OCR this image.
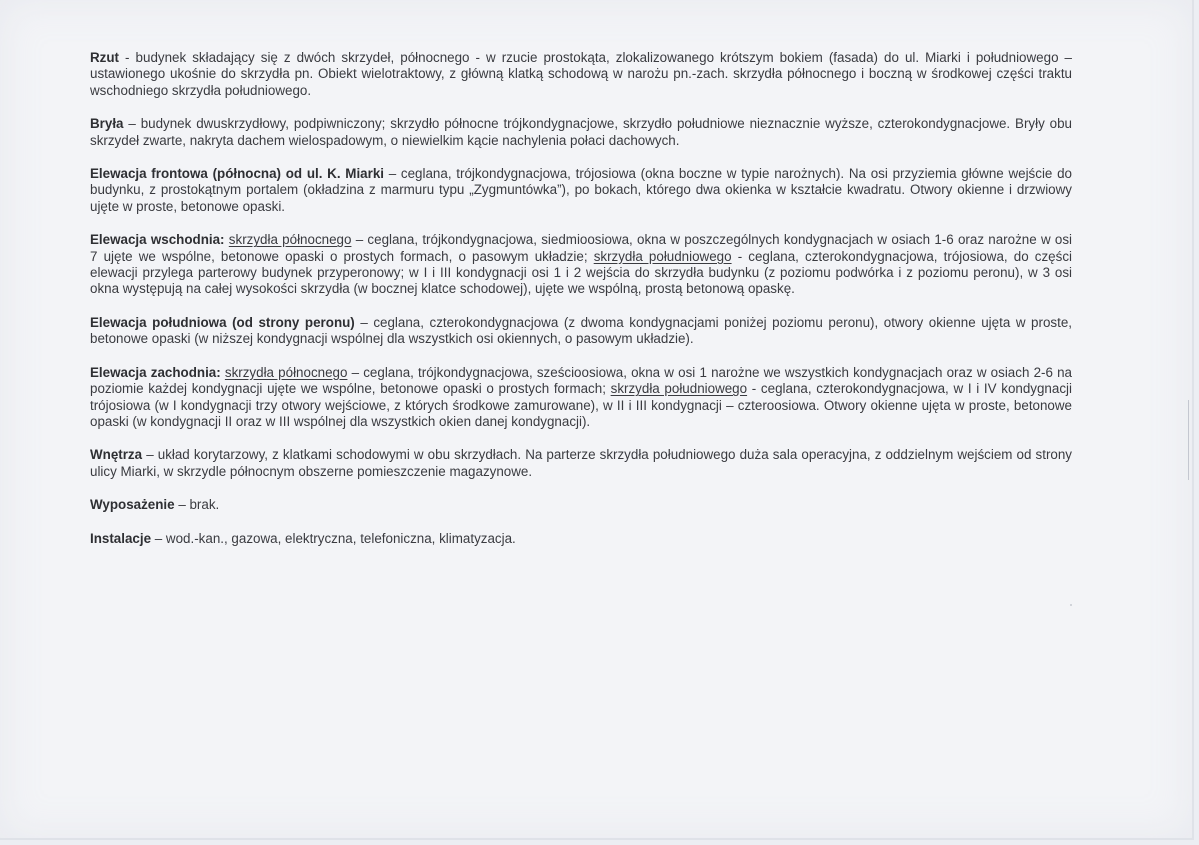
Rzut - budynek składający się z dwóch skrzydeł, północnego - w rzucie prostokąta, zlokalizowanego krótszym bokiem (fasada) do ul. Miarki i południowego – ustawionego ukośnie do skrzydła pn. Obiekt wielotraktowy, z główną klatką schodową w narożu pn.-zach. skrzydła północnego i boczną w środkowej części traktu wschodniego skrzydła południowego.

Bryła – budynek dwuskrzydłowy, podpiwniczony; skrzydło północne trójkondygnacjowe, skrzydło południowe nieznacznie wyższe, czterokondygnacjowe. Bryły obu skrzydeł zwarte, nakryta dachem wielospadowym, o niewielkim kącie nachylenia połaci dachowych.

Elewacja frontowa (północna) od ul. K. Miarki – ceglana, trójkondygnacjowa, trójosiowa (okna boczne w typie narożnych). Na osi przyziemia główne wejście do budynku, z prostokątnym portalem (okładzina z marmuru typu „Zygmuntówka”), po bokach, którego dwa okienka w kształcie kwadratu. Otwory okienne i drzwiowy ujęte w proste, betonowe opaski.

Elewacja wschodnia: skrzydła północnego – ceglana, trójkondygnacjowa, siedmioosiowa, okna w poszczególnych kondygnacjach w osiach 1-6 oraz narożne w osi 7 ujęte we wspólne, betonowe opaski o prostych formach, o pasowym układzie; skrzydła południowego - ceglana, czterokondygnacjowa, trójosiowa, do części elewacji przylega parterowy budynek przyperonowy; w I i III kondygnacji osi 1 i 2 wejścia do skrzydła budynku (z poziomu podwórka i z poziomu peronu), w 3 osi okna występują na całej wysokości skrzydła (w bocznej klatce schodowej), ujęte we wspólną, prostą betonową opaskę.

Elewacja południowa (od strony peronu) – ceglana, czterokondygnacjowa (z dwoma kondygnacjami poniżej poziomu peronu), otwory okienne ujęta w proste, betonowe opaski (w niższej kondygnacji wspólnej dla wszystkich osi okiennych, o pasowym układzie).

Elewacja zachodnia: skrzydła północnego – ceglana, trójkondygnacjowa, sześcioosiowa, okna w osi 1 narożne we wszystkich kondygnacjach oraz w osiach 2-6 na poziomie każdej kondygnacji ujęte we wspólne, betonowe opaski o prostych formach; skrzydła południowego - ceglana, czterokondygnacjowa, w I i IV kondygnacji trójosiowa (w I kondygnacji trzy otwory wejściowe, z których środkowe zamurowane), w II i III kondygnacji – czteroosiowa. Otwory okienne ujęta w proste, betonowe opaski (w kondygnacji II oraz w III wspólnej dla wszystkich okien danej kondygnacji).

Wnętrza – układ korytarzowy, z klatkami schodowymi w obu skrzydłach. Na parterze skrzydła południowego duża sala operacyjna, z oddzielnym wejściem od strony ulicy Miarki, w skrzydle północnym obszerne pomieszczenie magazynowe.

Wyposażenie – brak.

Instalacje – wod.-kan., gazowa, elektryczna, telefoniczna, klimatyzacja.
